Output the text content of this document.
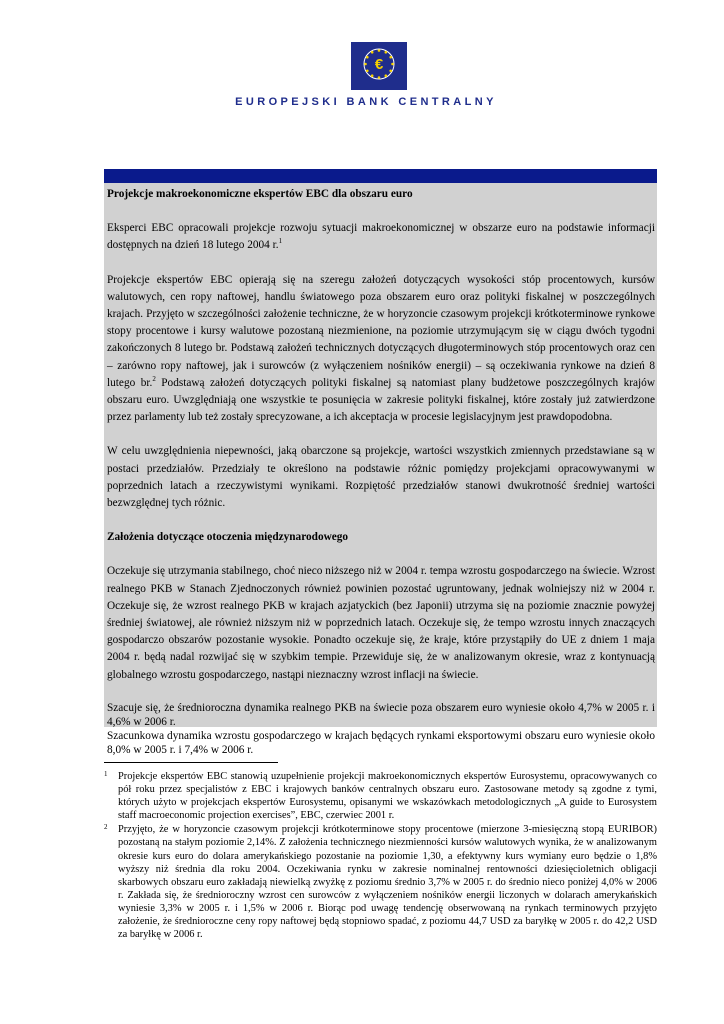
€
EUROPEJSKI BANK CENTRALNY

Projekcje makroekonomiczne ekspertów EBC dla obszaru euro

Eksperci EBC opracowali projekcje rozwoju sytuacji makroekonomicznej w obszarze euro na podstawie informacji dostępnych na dzień 18 lutego 2004 r.$^1$

Projekcje ekspertów EBC opierają się na szeregu założeń dotyczących wysokości stóp procentowych, kursów walutowych, cen ropy naftowej, handlu światowego poza obszarem euro oraz polityki fiskalnej w poszczególnych krajach. Przyjęto w szczególności założenie techniczne, że w horyzoncie czasowym projekcji krótkoterminowe rynkowe stopy procentowe i kursy walutowe pozostaną niezmienione, na poziomie utrzymującym się w ciągu dwóch tygodni zakończonych 8 lutego br. Podstawą założeń technicznych dotyczących długoterminowych stóp procentowych oraz cen – zarówno ropy naftowej, jak i surowców (z wyłączeniem nośników energii) – są oczekiwania rynkowe na dzień 8 lutego br.$^2$ Podstawą założeń dotyczących polityki fiskalnej są natomiast plany budżetowe poszczególnych krajów obszaru euro. Uwzględniają one wszystkie te posunięcia w zakresie polityki fiskalnej, które zostały już zatwierdzone przez parlamenty lub też zostały sprecyzowane, a ich akceptacja w procesie legislacyjnym jest prawdopodobna.

W celu uwzględnienia niepewności, jaką obarczone są projekcje, wartości wszystkich zmiennych przedstawiane są w postaci przedziałów. Przedziały te określono na podstawie różnic pomiędzy projekcjami opracowywanymi w poprzednich latach a rzeczywistymi wynikami. Rozpiętość przedziałów stanowi dwukrotność średniej wartości bezwzględnej tych różnic.

Założenia dotyczące otoczenia międzynarodowego

Oczekuje się utrzymania stabilnego, choć nieco niższego niż w 2004 r. tempa wzrostu gospodarczego na świecie. Wzrost realnego PKB w Stanach Zjednoczonych również powinien pozostać ugruntowany, jednak wolniejszy niż w 2004 r. Oczekuje się, że wzrost realnego PKB w krajach azjatyckich (bez Japonii) utrzyma się na poziomie znacznie powyżej średniej światowej, ale również niższym niż w poprzednich latach. Oczekuje się, że tempo wzrostu innych znaczących gospodarczo obszarów pozostanie wysokie. Ponadto oczekuje się, że kraje, które przystąpiły do UE z dniem 1 maja 2004 r. będą nadal rozwijać się w szybkim tempie. Przewiduje się, że w analizowanym okresie, wraz z kontynuacją globalnego wzrostu gospodarczego, nastąpi nieznaczny wzrost inflacji na świecie.

Szacuje się, że średnioroczna dynamika realnego PKB na świecie poza obszarem euro wyniesie około 4,7% w 2005 r. i 4,6% w 2006 r.

Szacunkowa dynamika wzrostu gospodarczego w krajach będących rynkami eksportowymi obszaru euro wyniesie około 8,0% w 2005 r. i 7,4% w 2006 r.

1 Projekcje ekspertów EBC stanowią uzupełnienie projekcji makroekonomicznych ekspertów Eurosystemu, opracowywanych co pół roku przez specjalistów z EBC i krajowych banków centralnych obszaru euro. Zastosowane metody są zgodne z tymi, których użyto w projekcjach ekspertów Eurosystemu, opisanymi we wskazówkach metodologicznych „A guide to Eurosystem staff macroeconomic projection exercises”, EBC, czerwiec 2001 r.
2 Przyjęto, że w horyzoncie czasowym projekcji krótkoterminowe stopy procentowe (mierzone 3-miesięczną stopą EURIBOR) pozostaną na stałym poziomie 2,14%. Z założenia technicznego niezmienności kursów walutowych wynika, że w analizowanym okresie kurs euro do dolara amerykańskiego pozostanie na poziomie 1,30, a efektywny kurs wymiany euro będzie o 1,8% wyższy niż średnia dla roku 2004. Oczekiwania rynku w zakresie nominalnej rentowności dziesięcioletnich obligacji skarbowych obszaru euro zakładają niewielką zwyżkę z poziomu średnio 3,7% w 2005 r. do średnio nieco poniżej 4,0% w 2006 r. Zakłada się, że średnioroczny wzrost cen surowców z wyłączeniem nośników energii liczonych w dolarach amerykańskich wyniesie 3,3% w 2005 r. i 1,5% w 2006 r. Biorąc pod uwagę tendencję obserwowaną na rynkach terminowych przyjęto założenie, że średnioroczne ceny ropy naftowej będą stopniowo spadać, z poziomu 44,7 USD za baryłkę w 2005 r. do 42,2 USD za baryłkę w 2006 r.
